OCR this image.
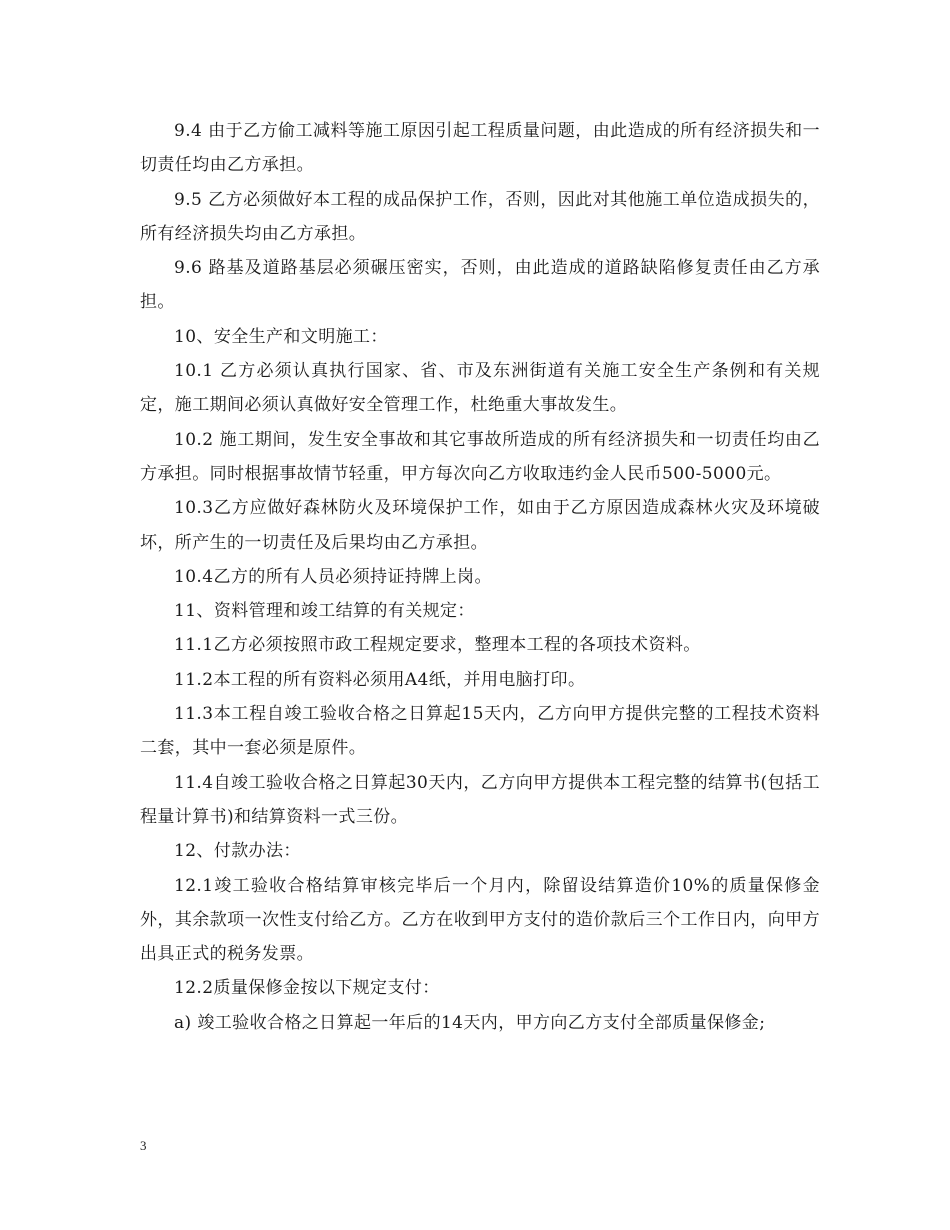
9.4 由于乙方偷工减料等施工原因引起工程质量问题，由此造成的所有经济损失和一切责任均由乙方承担。

9.5 乙方必须做好本工程的成品保护工作，否则，因此对其他施工单位造成损失的，所有经济损失均由乙方承担。

9.6 路基及道路基层必须碾压密实，否则，由此造成的道路缺陷修复责任由乙方承担。

10、安全生产和文明施工：

10.1 乙方必须认真执行国家、省、市及东洲街道有关施工安全生产条例和有关规定，施工期间必须认真做好安全管理工作，杜绝重大事故发生。

10.2 施工期间，发生安全事故和其它事故所造成的所有经济损失和一切责任均由乙方承担。同时根据事故情节轻重，甲方每次向乙方收取违约金人民币500-5000元。

10.3乙方应做好森林防火及环境保护工作，如由于乙方原因造成森林火灾及环境破坏，所产生的一切责任及后果均由乙方承担。

10.4乙方的所有人员必须持证持牌上岗。

11、资料管理和竣工结算的有关规定：

11.1乙方必须按照市政工程规定要求，整理本工程的各项技术资料。

11.2本工程的所有资料必须用A4纸，并用电脑打印。

11.3本工程自竣工验收合格之日算起15天内，乙方向甲方提供完整的工程技术资料二套，其中一套必须是原件。

11.4自竣工验收合格之日算起30天内，乙方向甲方提供本工程完整的结算书(包括工程量计算书)和结算资料一式三份。

12、付款办法：

12.1竣工验收合格结算审核完毕后一个月内，除留设结算造价10%的质量保修金外，其余款项一次性支付给乙方。乙方在收到甲方支付的造价款后三个工作日内，向甲方出具正式的税务发票。

12.2质量保修金按以下规定支付：

a) 竣工验收合格之日算起一年后的14天内，甲方向乙方支付全部质量保修金;

3
